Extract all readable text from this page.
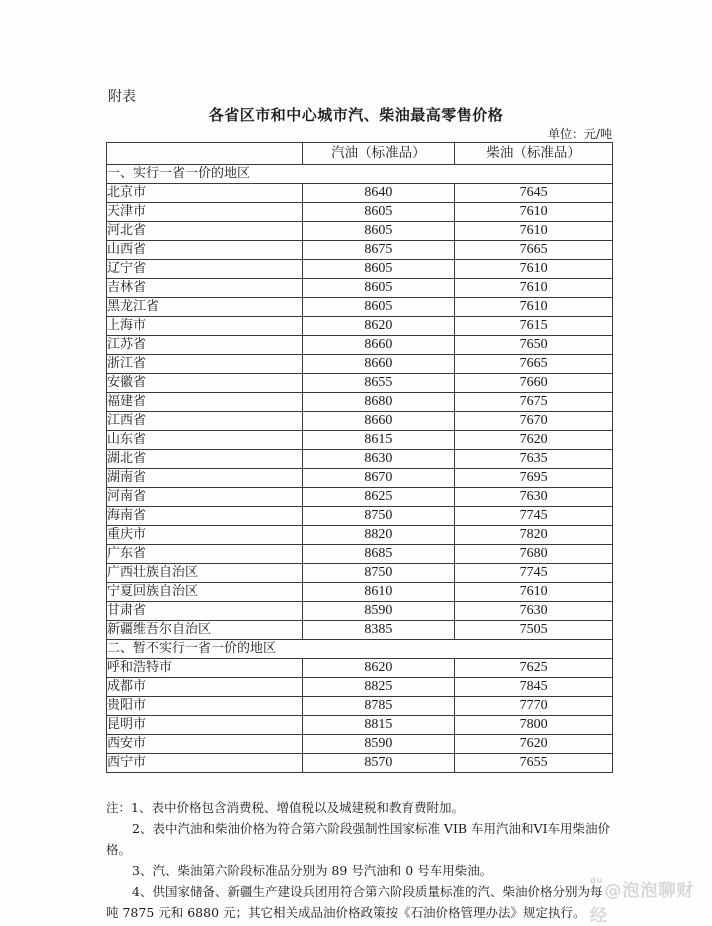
附表
各省区市和中心城市汽、柴油最高零售价格
单位：元/吨
	汽油（标准品）	柴油（标准品）
一、实行一省一价的地区		
北京市	8640	7645
天津市	8605	7610
河北省	8605	7610
山西省	8675	7665
辽宁省	8605	7610
吉林省	8605	7610
黑龙江省	8605	7610
上海市	8620	7615
江苏省	8660	7650
浙江省	8660	7665
安徽省	8655	7660
福建省	8680	7675
江西省	8660	7670
山东省	8615	7620
湖北省	8630	7635
湖南省	8670	7695
河南省	8625	7630
海南省	8750	7745
重庆市	8820	7820
广东省	8685	7680
广西壮族自治区	8750	7745
宁夏回族自治区	8610	7610
甘肃省	8590	7630
新疆维吾尔自治区	8385	7505
二、暂不实行一省一价的地区		
呼和浩特市	8620	7625
成都市	8825	7845
贵阳市	8785	7770
昆明市	8815	7800
西安市	8590	7620
西宁市	8570	7655

注：1、表中价格包含消费税、增值税以及城建税和教育费附加。

2、表中汽油和柴油价格为符合第六阶段强制性国家标准 VIB 车用汽油和VI车用柴油价

格。

3、汽、柴油第六阶段标准品分别为 89 号汽油和 0 号车用柴油。

4、供国家储备、新疆生产建设兵团用符合第六阶段质量标准的汽、柴油价格分别为每

吨 7875 元和 6880 元；其它相关成品油价格政策按《石油价格管理办法》规定执行。

$^{du}$@泡泡聊财经
